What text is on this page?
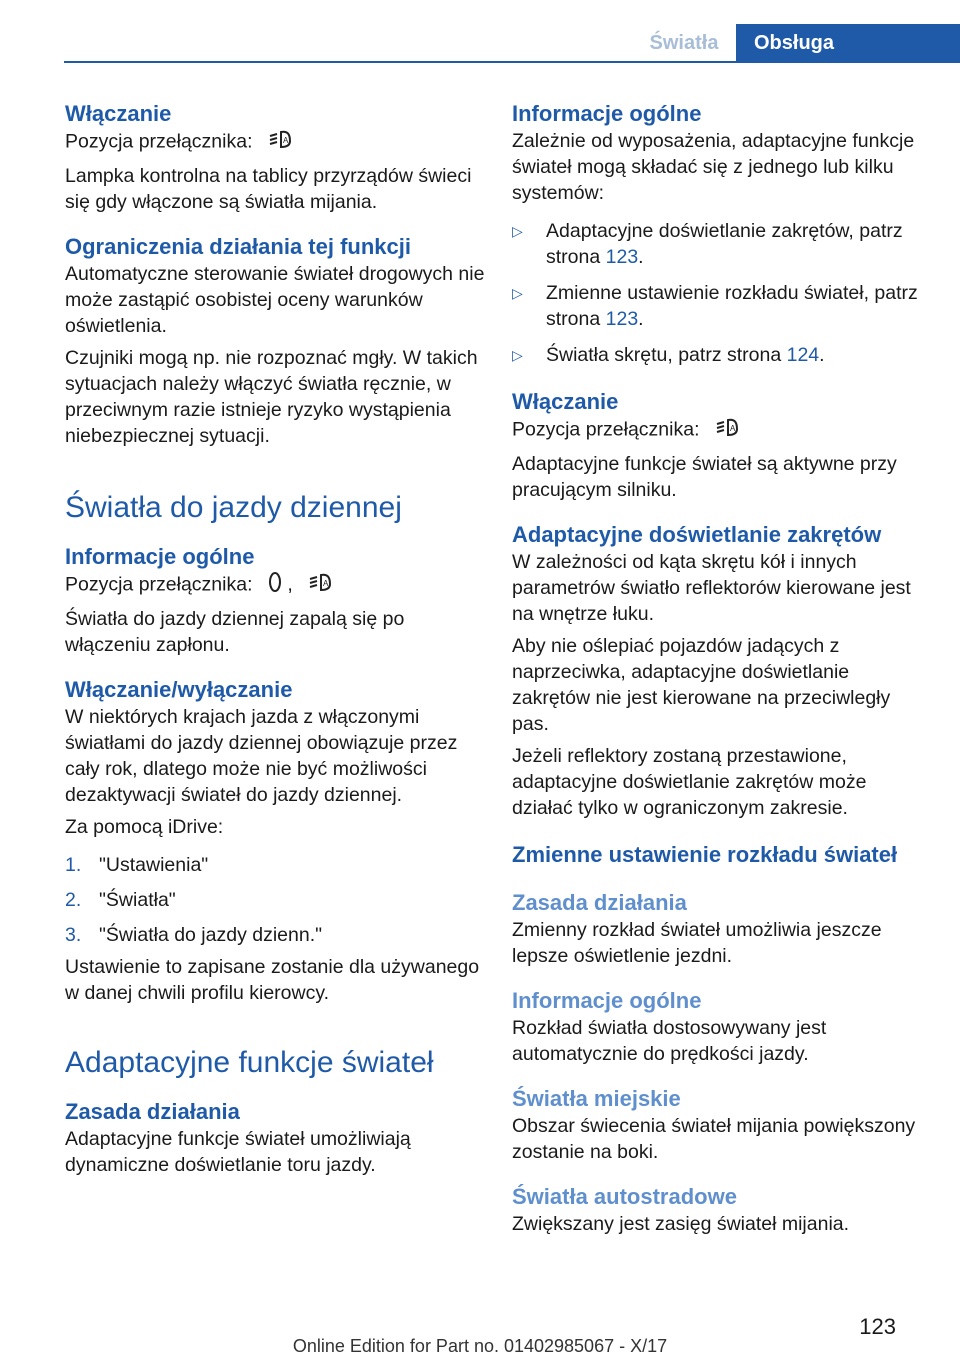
Światła	Obsługa
Włączanie
Pozycja przełącznika:	A
Lampka kontrolna na tablicy przyrządów świeci się gdy włączone są światła mijania.
Ograniczenia działania tej funkcji
Automatyczne sterowanie świateł drogowych nie może zastąpić osobistej oceny warunków oświetlenia.
Czujniki mogą np. nie rozpoznać mgły. W takich sytuacjach należy włączyć światła ręcznie, w przeciwnym razie istnieje ryzyko wystąpienia niebezpiecznej sytuacji.
Światła do jazdy dziennej
Informacje ogólne
Pozycja przełącznika: ,	A
Światła do jazdy dziennej zapalą się po włączeniu zapłonu.
Włączanie/wyłączanie
W niektórych krajach jazda z włączonymi światłami do jazdy dziennej obowiązuje przez cały rok, dlatego może nie być możliwości dezaktywacji świateł do jazdy dziennej.
Za pomocą iDrive:
1. "Ustawienia"
2. "Światła"
3. "Światła do jazdy dzienn."
Ustawienie to zapisane zostanie dla używanego w danej chwili profilu kierowcy.
Adaptacyjne funkcje świateł
Zasada działania
Adaptacyjne funkcje świateł umożliwiają dynamiczne doświetlanie toru jazdy.
Informacje ogólne
Zależnie od wyposażenia, adaptacyjne funkcje świateł mogą składać się z jednego lub kilku systemów:
▷	Adaptacyjne doświetlanie zakrętów, patrz strona 123.
▷	Zmienne ustawienie rozkładu świateł, patrz strona 123.
▷	Światła skrętu, patrz strona 124.
Włączanie
Pozycja przełącznika:	A
Adaptacyjne funkcje świateł są aktywne przy pracującym silniku.
Adaptacyjne doświetlanie zakrętów
W zależności od kąta skrętu kół i innych parametrów światło reflektorów kierowane jest na wnętrze łuku.
Aby nie oślepiać pojazdów jadących z naprzeciwka, adaptacyjne doświetlanie zakrętów nie jest kierowane na przeciwległy pas.
Jeżeli reflektory zostaną przestawione, adaptacyjne doświetlanie zakrętów może działać tylko w ograniczonym zakresie.
Zmienne ustawienie rozkładu świateł
Zasada działania
Zmienny rozkład świateł umożliwia jeszcze lepsze oświetlenie jezdni.
Informacje ogólne
Rozkład światła dostosowywany jest automatycznie do prędkości jazdy.
Światła miejskie
Obszar świecenia świateł mijania powiększony zostanie na boki.
Światła autostradowe
Zwiększany jest zasięg świateł mijania.
123
Online Edition for Part no. 01402985067 - X/17
